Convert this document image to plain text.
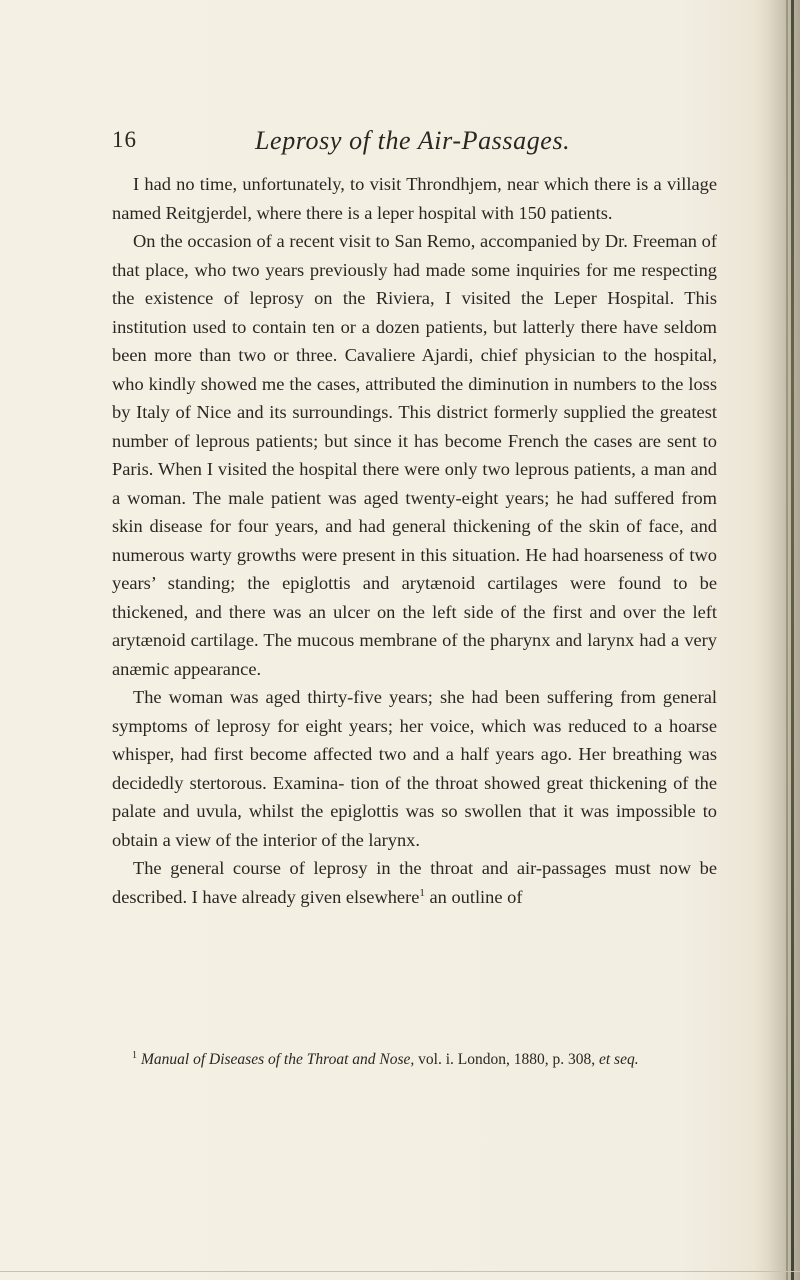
16	Leprosy of the Air-Passages.

I had no time, unfortunately, to visit Throndhjem, near which there is a village named Reitgjerdel, where there is a leper hospital with 150 patients.

On the occasion of a recent visit to San Remo, accompanied by Dr. Freeman of that place, who two years previously had made some inquiries for me respecting the existence of leprosy on the Riviera, I visited the Leper Hospital. This institution used to contain ten or a dozen patients, but latterly there have seldom been more than two or three. Cavaliere Ajardi, chief physician to the hospital, who kindly showed me the cases, attributed the diminution in numbers to the loss by Italy of Nice and its surroundings. This district formerly supplied the greatest number of leprous patients; but since it has become French the cases are sent to Paris. When I visited the hospital there were only two leprous patients, a man and a woman. The male patient was aged twenty-eight years; he had suffered from skin disease for four years, and had general thickening of the skin of face, and numerous warty growths were present in this situation. He had hoarseness of two years’ standing; the epiglottis and arytænoid cartilages were found to be thickened, and there was an ulcer on the left side of the first and over the left arytænoid cartilage. The mucous membrane of the pharynx and larynx had a very anæmic appearance.

The woman was aged thirty-five years; she had been suffering from general symptoms of leprosy for eight years; her voice, which was reduced to a hoarse whisper, had first become affected two and a half years ago. Her breathing was decidedly stertorous. Examina- tion of the throat showed great thickening of the palate and uvula, whilst the epiglottis was so swollen that it was impossible to obtain a view of the interior of the larynx.

The general course of leprosy in the throat and air-passages must now be described. I have already given elsewhere$^1$ an outline of

1 Manual of Diseases of the Throat and Nose, vol. i. London, 1880, p. 308, et seq.
